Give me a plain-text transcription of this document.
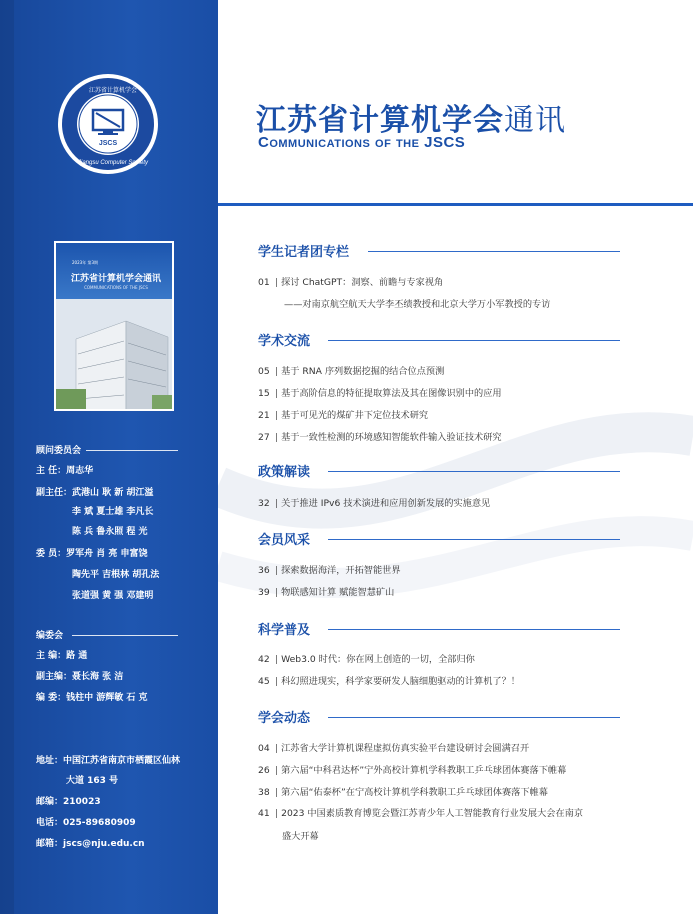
JSCS
江苏省计算机学会
Jiangsu Computer Society
2023年 第3期
江苏省计算机学会通讯
COMMUNICATIONS OF THE JSCS
顾问委员会
主 任：周志华
副主任：武港山 耿 新 胡江溢
李 斌 夏士雄 李凡长
陈 兵 鲁永照 程 光
委 员：罗军舟 肖 亮 申富饶
陶先平 吉根林 胡孔法
张道强 黄 强 邓建明
编委会
主 编：路 通
副主编：聂长海 张 洁
编 委：钱柱中 游辉敏 石 克
地址：中国江苏省南京市栖霞区仙林
大道 163 号
邮编：210023
电话：025-89680909
邮箱：jscs@nju.edu.cn
江苏省计算机学会通讯
Communications of the JSCS
学生记者团专栏
01 | 探讨 ChatGPT：洞察、前瞻与专家视角
——对南京航空航天大学李丕绩教授和北京大学万小军教授的专访
学术交流
05 | 基于 RNA 序列数据挖掘的结合位点预测
15 | 基于高阶信息的特征提取算法及其在图像识别中的应用
21 | 基于可见光的煤矿井下定位技术研究
27 | 基于一致性检测的环境感知智能软件输入验证技术研究
政策解读
32 | 关于推进 IPv6 技术演进和应用创新发展的实施意见
会员风采
36 | 探索数据海洋，开拓智能世界
39 | 物联感知计算 赋能智慧矿山
科学普及
42 | Web3.0 时代：你在网上创造的一切，全部归你
45 | 科幻照进现实，科学家要研发人脑细胞驱动的计算机了？！
学会动态
04 | 江苏省大学计算机课程虚拟仿真实验平台建设研讨会圆满召开
26 | 第六届“中科君达杯”宁外高校计算机学科教职工乒乓球团体赛落下帷幕
38 | 第六届“佑泰杯”在宁高校计算机学科教职工乒乓球团体赛落下帷幕
41 | 2023 中国素质教育博览会暨江苏青少年人工智能教育行业发展大会在南京
盛大开幕
